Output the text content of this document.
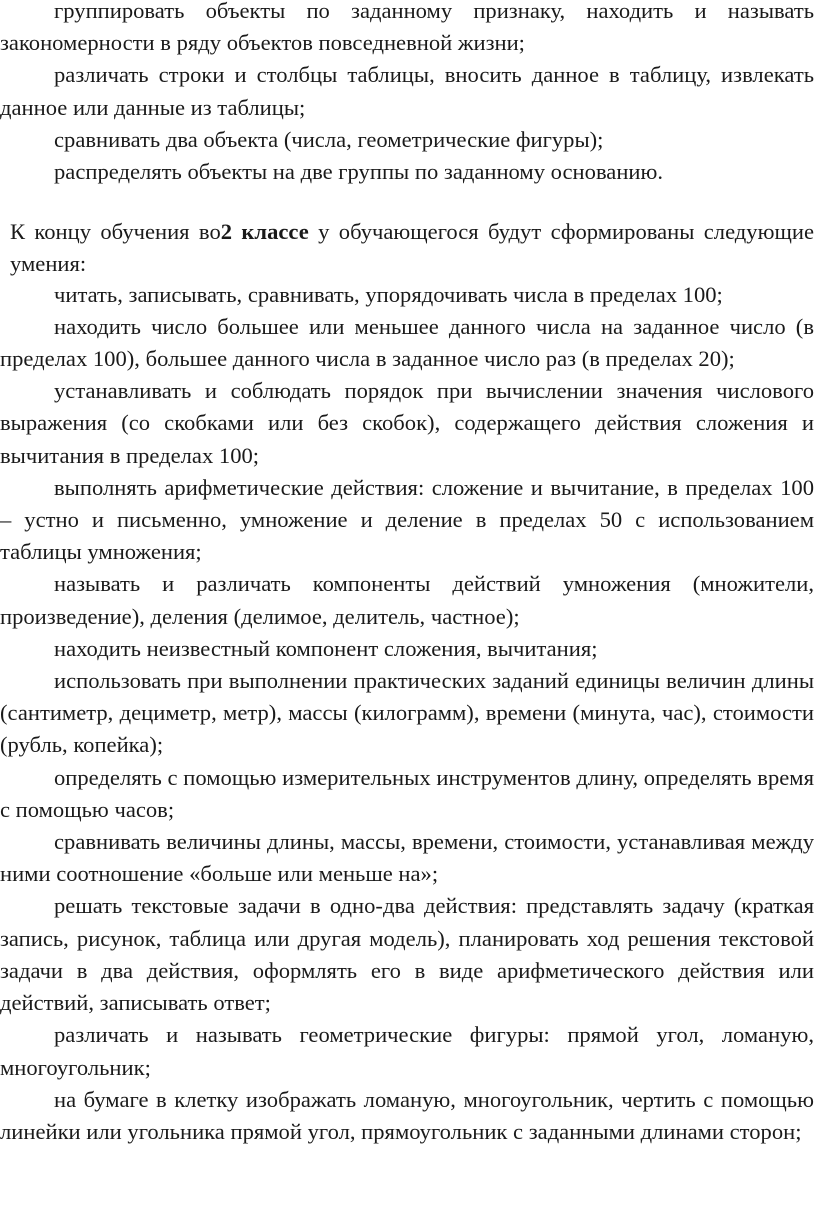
группировать объекты по заданному признаку, находить и называть закономерности в ряду объектов повседневной жизни;

различать строки и столбцы таблицы, вносить данное в таблицу, извлекать данное или данные из таблицы;

сравнивать два объекта (числа, геометрические фигуры);

распределять объекты на две группы по заданному основанию.

К концу обучения во2 классе у обучающегося будут сформированы следующие умения:

читать, записывать, сравнивать, упорядочивать числа в пределах 100;

находить число большее или меньшее данного числа на заданное число (в пределах 100), большее данного числа в заданное число раз (в пределах 20);

устанавливать и соблюдать порядок при вычислении значения числового выражения (со скобками или без скобок), содержащего действия сложения и вычитания в пределах 100;

выполнять арифметические действия: сложение и вычитание, в пределах 100 – устно и письменно, умножение и деление в пределах 50 с использованием таблицы умножения;

называть и различать компоненты действий умножения (множители, произведение), деления (делимое, делитель, частное);

находить неизвестный компонент сложения, вычитания;

использовать при выполнении практических заданий единицы величин длины (сантиметр, дециметр, метр), массы (килограмм), времени (минута, час), стоимости (рубль, копейка);

определять с помощью измерительных инструментов длину, определять время с помощью часов;

сравнивать величины длины, массы, времени, стоимости, устанавливая между ними соотношение «больше или меньше на»;

решать текстовые задачи в одно-два действия: представлять задачу (краткая запись, рисунок, таблица или другая модель), планировать ход решения текстовой задачи в два действия, оформлять его в виде арифметического действия или действий, записывать ответ;

различать и называть геометрические фигуры: прямой угол, ломаную, многоугольник;

на бумаге в клетку изображать ломаную, многоугольник, чертить с помощью линейки или угольника прямой угол, прямоугольник с заданными длинами сторон;
